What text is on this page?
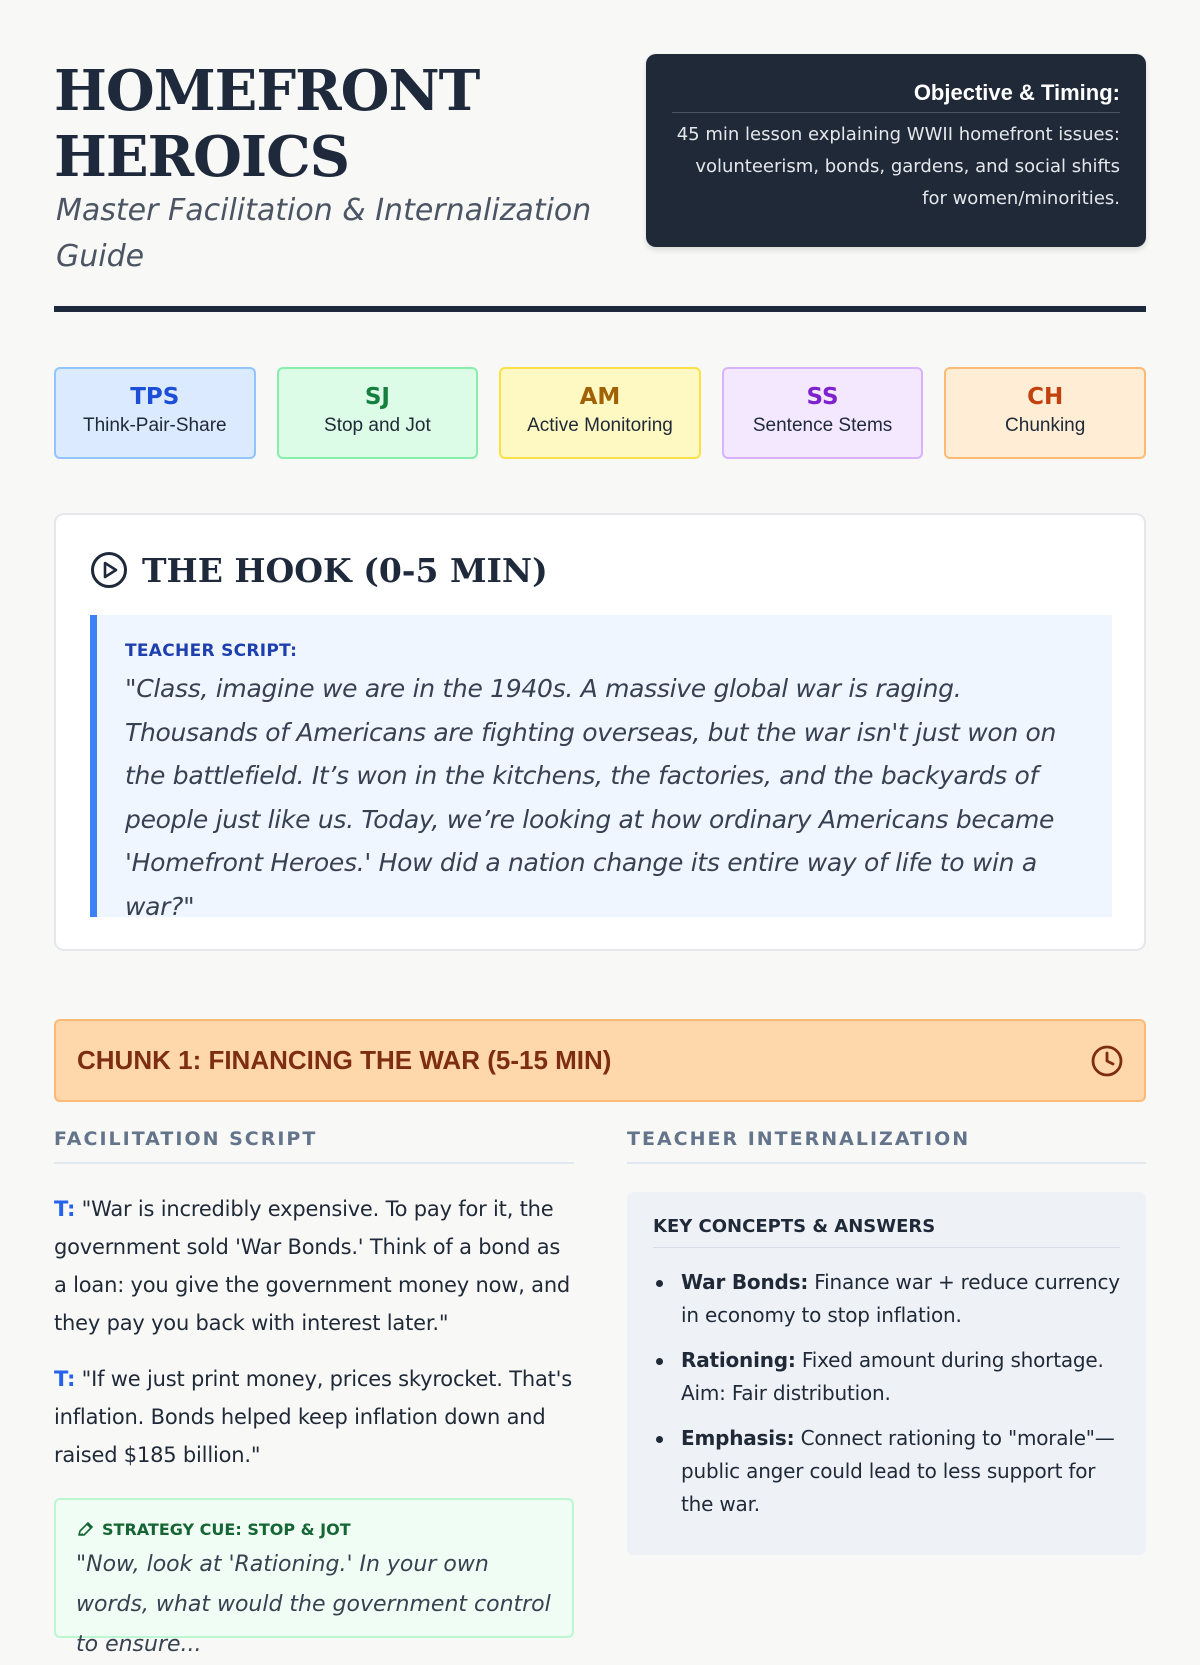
HOMEFRONT HEROICS
Master Facilitation & Internalization Guide
Objective & Timing:
45 min lesson explaining WWII homefront issues: volunteerism, bonds, gardens, and social shifts for women/minorities.
TPS
Think-Pair-Share
SJ
Stop and Jot
AM
Active Monitoring
SS
Sentence Stems
CH
Chunking
THE HOOK (0-5 MIN)
TEACHER SCRIPT:
"Class, imagine we are in the 1940s. A massive global war is raging. Thousands of Americans are fighting overseas, but the war isn't just won on the battlefield. It’s won in the kitchens, the factories, and the backyards of people just like us. Today, we’re looking at how ordinary Americans became 'Homefront Heroes.' How did a nation change its entire way of life to win a war?"
CHUNK 1: FINANCING THE WAR (5-15 MIN)
FACILITATION SCRIPT

T: "War is incredibly expensive. To pay for it, the government sold 'War Bonds.' Think of a bond as a loan: you give the government money now, and they pay you back with interest later."

T: "If we just print money, prices skyrocket. That's inflation. Bonds helped keep inflation down and raised $185 billion."

STRATEGY CUE: STOP & JOT
"Now, look at 'Rationing.' In your own words, what would the government control to ensure...
TEACHER INTERNALIZATION
KEY CONCEPTS & ANSWERS
War Bonds: Finance war + reduce currency in economy to stop inflation.
Rationing: Fixed amount during shortage. Aim: Fair distribution.
Emphasis: Connect rationing to "morale"—public anger could lead to less support for the war.
